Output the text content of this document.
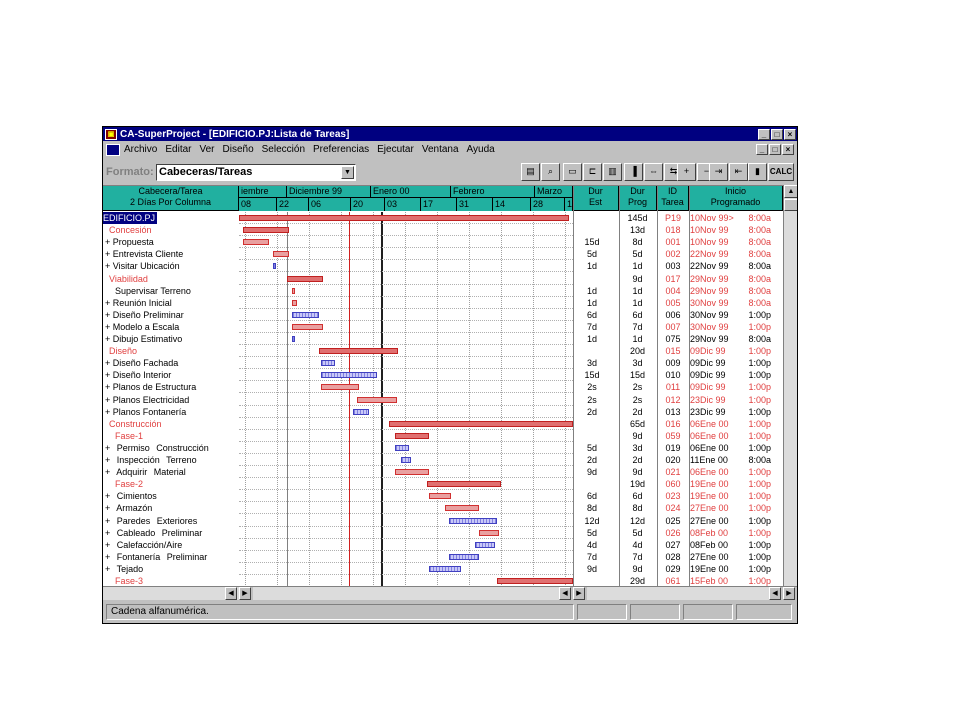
▣ CA-SuperProject - [EDIFICIO.PJ:Lista de Tareas]	_	□	×
Archivo Editar Ver Diseño Selección Preferencias Ejecutar Ventana Ayuda	_	□	×
Formato: Cabeceras/Tareas	▼	▤	⌕	▭	⊏	▥	▐	⇔	⇆ +	− ⇥	⇤	▮	CALC
Cabecera/Tarea
2 Días Por Columna
iembre	Diciembre 99	Enero 00	Febrero	Marzo
08	22	06	20	03	17	31	14	28	1
Dur
Est
Dur
Prog
ID
Tarea
Inicio
Programado
EDIFICIO.PJ	145d	P19	10Nov 99>	8:00a
Concesión	13d	018	10Nov 99	8:00a
+ Propuesta	15d	8d	001	10Nov 99	8:00a
+ Entrevista Cliente	5d	5d	002	22Nov 99	8:00a
+ Visitar Ubicación	1d	1d	003	22Nov 99	8:00a
Viabilidad	9d	017	29Nov 99	8:00a
Supervisar Terreno	1d	1d	004	29Nov 99	8:00a
+ Reunión Inicial	1d	1d	005	30Nov 99	8:00a
+ Diseño Preliminar	6d	6d	006	30Nov 99	1:00p
+ Modelo a Escala	7d	7d	007	30Nov 99	1:00p
+ Dibujo Estimativo	1d	1d	075	29Nov 99	8:00a
Diseño	20d	015	09Dic 99	1:00p
+ Diseño Fachada	3d	3d	009	09Dic 99	1:00p
+ Diseño Interior	15d	15d	010	09Dic 99	1:00p
+ Planos de Estructura	2s	2s	011	09Dic 99	1:00p
+ Planos Electricidad	2s	2s	012	23Dic 99	1:00p
+ Planos Fontanería	2d	2d	013	23Dic 99	1:00p
Construcción	65d	016	06Ene 00	1:00p
Fase-1	9d	059	06Ene 00	1:00p
+ Permiso Construcción	5d	3d	019	06Ene 00	1:00p
+ Inspección Terreno	2d	2d	020	11Ene 00	8:00a
+ Adquirir Material	9d	9d	021	06Ene 00	1:00p
Fase-2	19d	060	19Ene 00	1:00p
+ Cimientos	6d	6d	023	19Ene 00	1:00p
+ Armazón	8d	8d	024	27Ene 00	1:00p
+ Paredes Exteriores	12d	12d	025	27Ene 00	1:00p
+ Cableado Preliminar	5d	5d	026	08Feb 00	1:00p
+ Calefacción/Aire	4d	4d	027	08Feb 00	1:00p
+ Fontanería Preliminar	7d	7d	028	27Ene 00	1:00p
+ Tejado	9d	9d	029	19Ene 00	1:00p
Fase-3	29d	061	15Feb 00	1:00p
▲
◀	▶	◀	▶	◀	▶
Cadena alfanumérica.
